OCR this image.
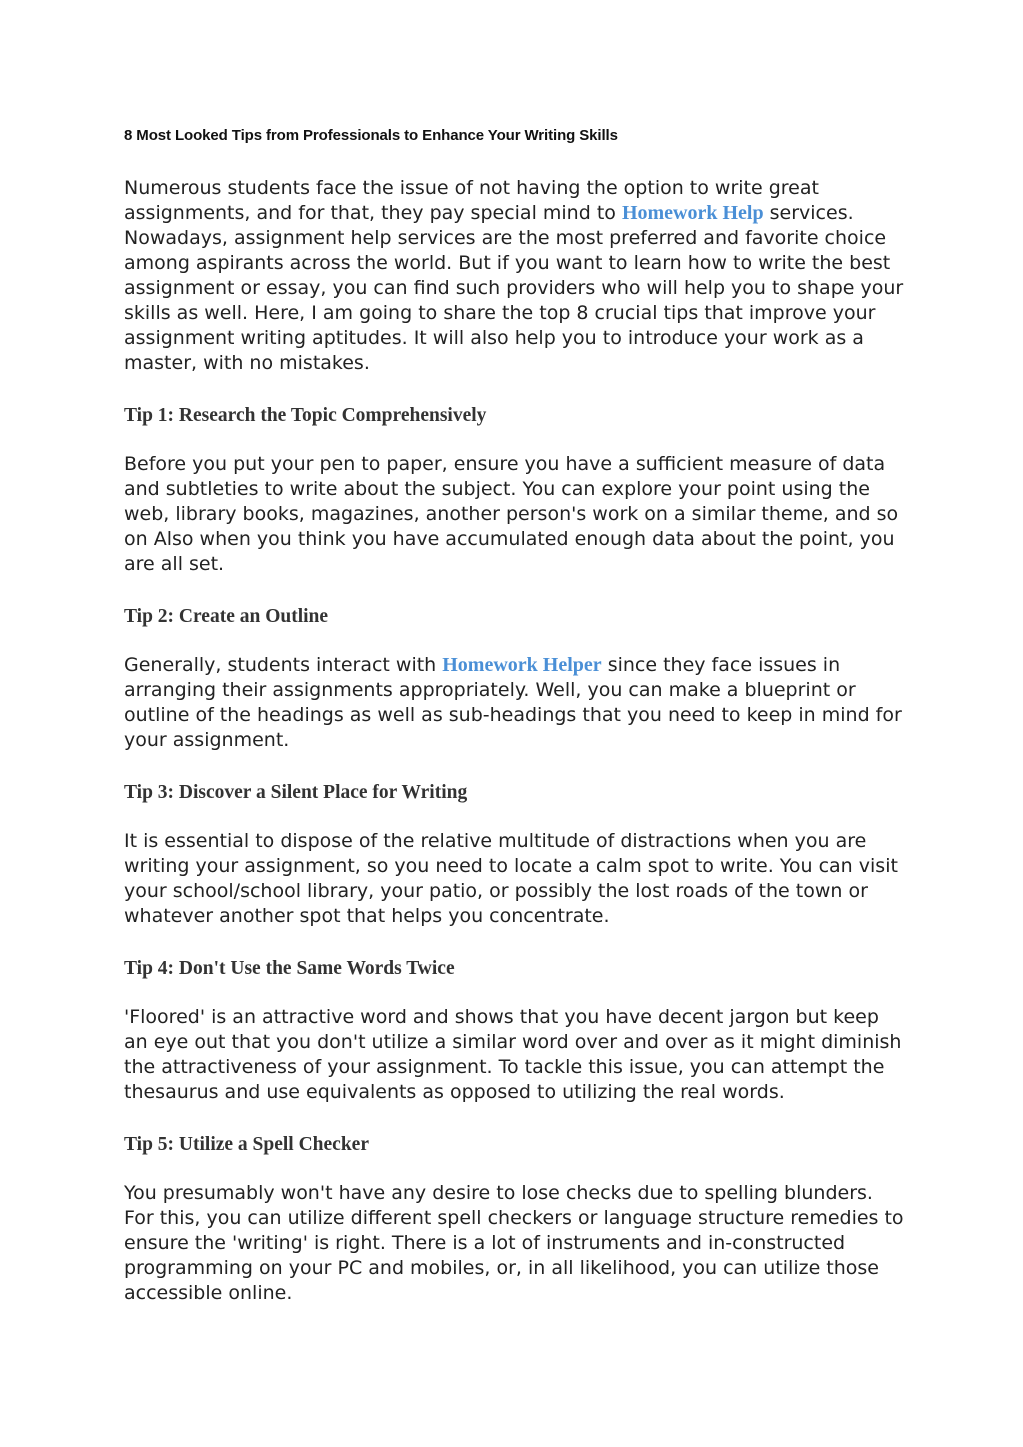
8 Most Looked Tips from Professionals to Enhance Your Writing Skills

Numerous students face the issue of not having the option to write great assignments, and for that, they pay special mind to Homework Help services. Nowadays, assignment help services are the most preferred and favorite choice among aspirants across the world. But if you want to learn how to write the best assignment or essay, you can find such providers who will help you to shape your skills as well. Here, I am going to share the top 8 crucial tips that improve your assignment writing aptitudes. It will also help you to introduce your work as a master, with no mistakes.

Tip 1: Research the Topic Comprehensively

Before you put your pen to paper, ensure you have a sufficient measure of data and subtleties to write about the subject. You can explore your point using the web, library books, magazines, another person's work on a similar theme, and so on Also when you think you have accumulated enough data about the point, you are all set.

Tip 2: Create an Outline

Generally, students interact with Homework Helper since they face issues in arranging their assignments appropriately. Well, you can make a blueprint or outline of the headings as well as sub-headings that you need to keep in mind for your assignment.

Tip 3: Discover a Silent Place for Writing

It is essential to dispose of the relative multitude of distractions when you are writing your assignment, so you need to locate a calm spot to write. You can visit your school/school library, your patio, or possibly the lost roads of the town or whatever another spot that helps you concentrate.

Tip 4: Don't Use the Same Words Twice

'Floored' is an attractive word and shows that you have decent jargon but keep an eye out that you don't utilize a similar word over and over as it might diminish the attractiveness of your assignment. To tackle this issue, you can attempt the thesaurus and use equivalents as opposed to utilizing the real words.

Tip 5: Utilize a Spell Checker

You presumably won't have any desire to lose checks due to spelling blunders. For this, you can utilize different spell checkers or language structure remedies to ensure the 'writing' is right. There is a lot of instruments and in-constructed programming on your PC and mobiles, or, in all likelihood, you can utilize those accessible online.
